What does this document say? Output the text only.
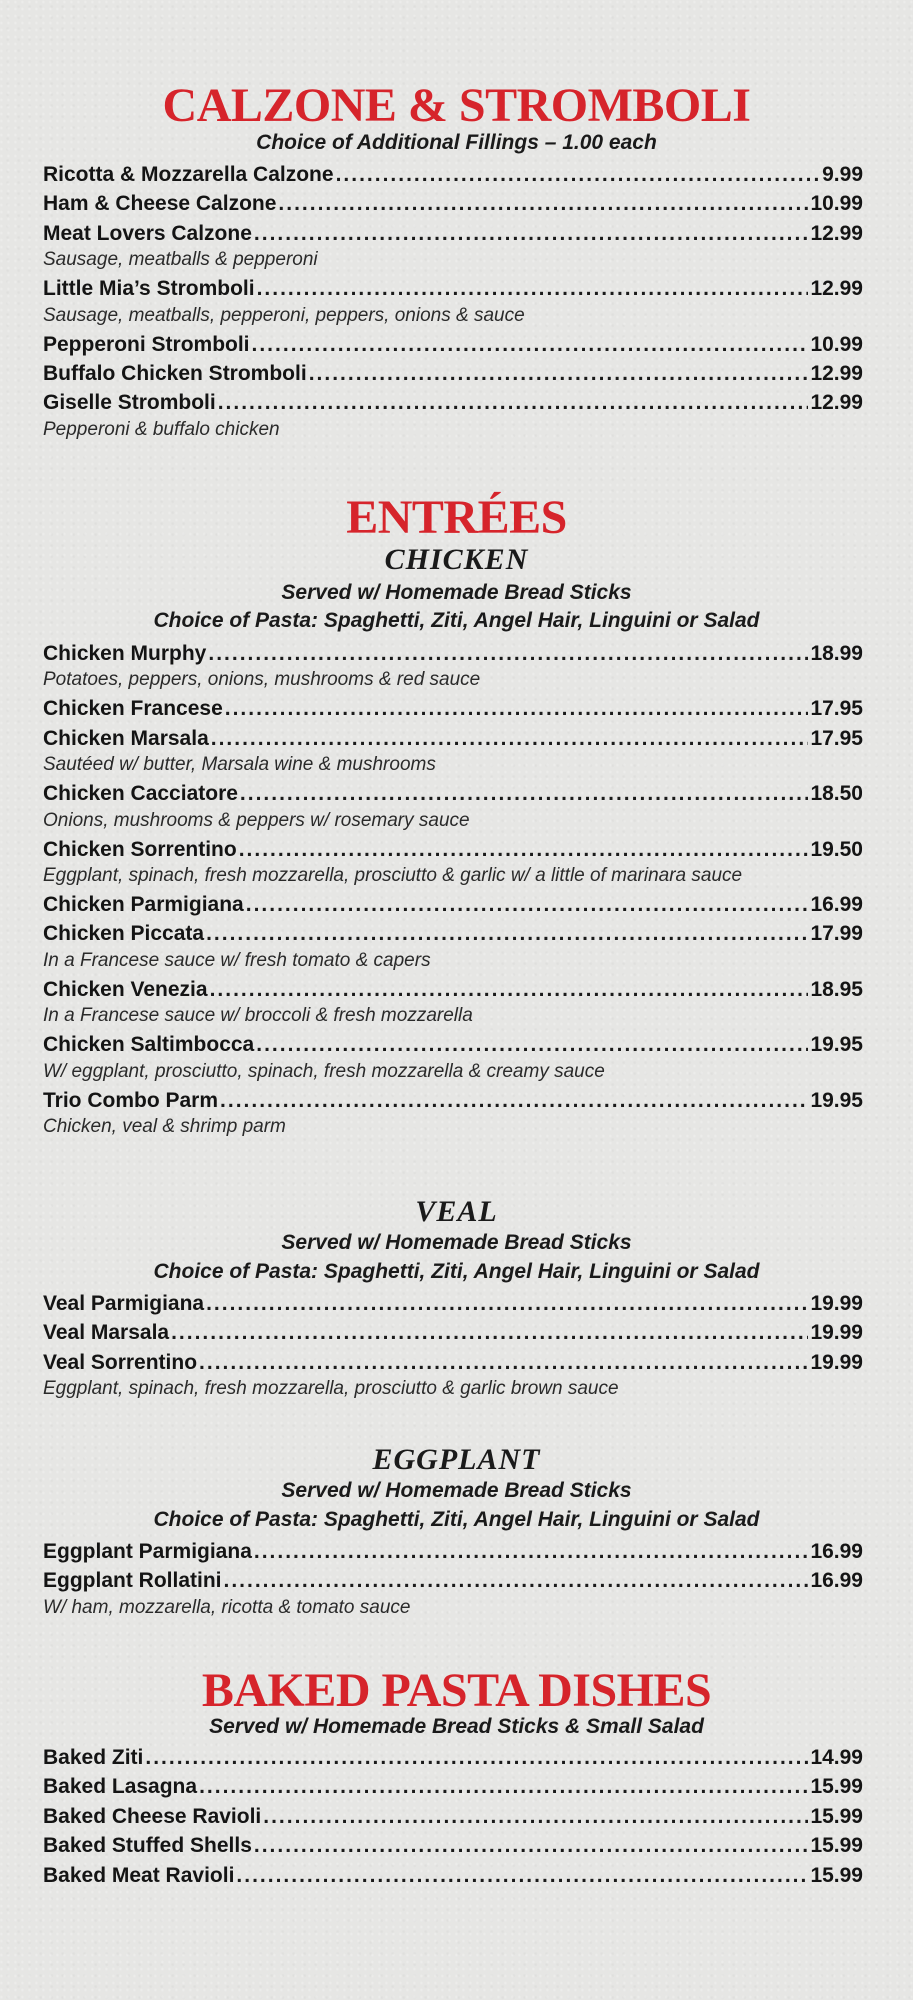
CALZONE & STROMBOLI
Choice of Additional Fillings – 1.00 each
ENTRÉES
CHICKEN
Served w/ Homemade Bread Sticks
Choice of Pasta: Spaghetti, Ziti, Angel Hair, Linguini or Salad
VEAL
Served w/ Homemade Bread Sticks
Choice of Pasta: Spaghetti, Ziti, Angel Hair, Linguini or Salad
EGGPLANT
Served w/ Homemade Bread Sticks
Choice of Pasta: Spaghetti, Ziti, Angel Hair, Linguini or Salad
BAKED PASTA DISHES
Served w/ Homemade Bread Sticks & Small Salad
Ricotta & Mozzarella Calzone .....	9.99
Ham & Cheese Calzone .....	10.99
Meat Lovers Calzone .....	12.99
Sausage, meatballs & pepperoni
Little Mia’s Stromboli .....	12.99
Sausage, meatballs, pepperoni, peppers, onions & sauce
Pepperoni Stromboli .....	10.99
Buffalo Chicken Stromboli .....	12.99
Giselle Stromboli .....	12.99
Pepperoni & buffalo chicken
Chicken Murphy .....	18.99
Potatoes, peppers, onions, mushrooms & red sauce
Chicken Francese .....	17.95
Chicken Marsala .....	17.95
Sautéed w/ butter, Marsala wine & mushrooms
Chicken Cacciatore .....	18.50
Onions, mushrooms & peppers w/ rosemary sauce
Chicken Sorrentino .....	19.50
Eggplant, spinach, fresh mozzarella, prosciutto & garlic w/ a little of marinara sauce
Chicken Parmigiana .....	16.99
Chicken Piccata .....	17.99
In a Francese sauce w/ fresh tomato & capers
Chicken Venezia .....	18.95
In a Francese sauce w/ broccoli & fresh mozzarella
Chicken Saltimbocca .....	19.95
W/ eggplant, prosciutto, spinach, fresh mozzarella & creamy sauce
Trio Combo Parm .....	19.95
Chicken, veal & shrimp parm
Veal Parmigiana .....	19.99
Veal Marsala .....	19.99
Veal Sorrentino .....	19.99
Eggplant, spinach, fresh mozzarella, prosciutto & garlic brown sauce
Eggplant Parmigiana .....	16.99
Eggplant Rollatini .....	16.99
W/ ham, mozzarella, ricotta & tomato sauce
Baked Ziti .....	14.99
Baked Lasagna .....	15.99
Baked Cheese Ravioli .....	15.99
Baked Stuffed Shells .....	15.99
Baked Meat Ravioli .....	15.99
